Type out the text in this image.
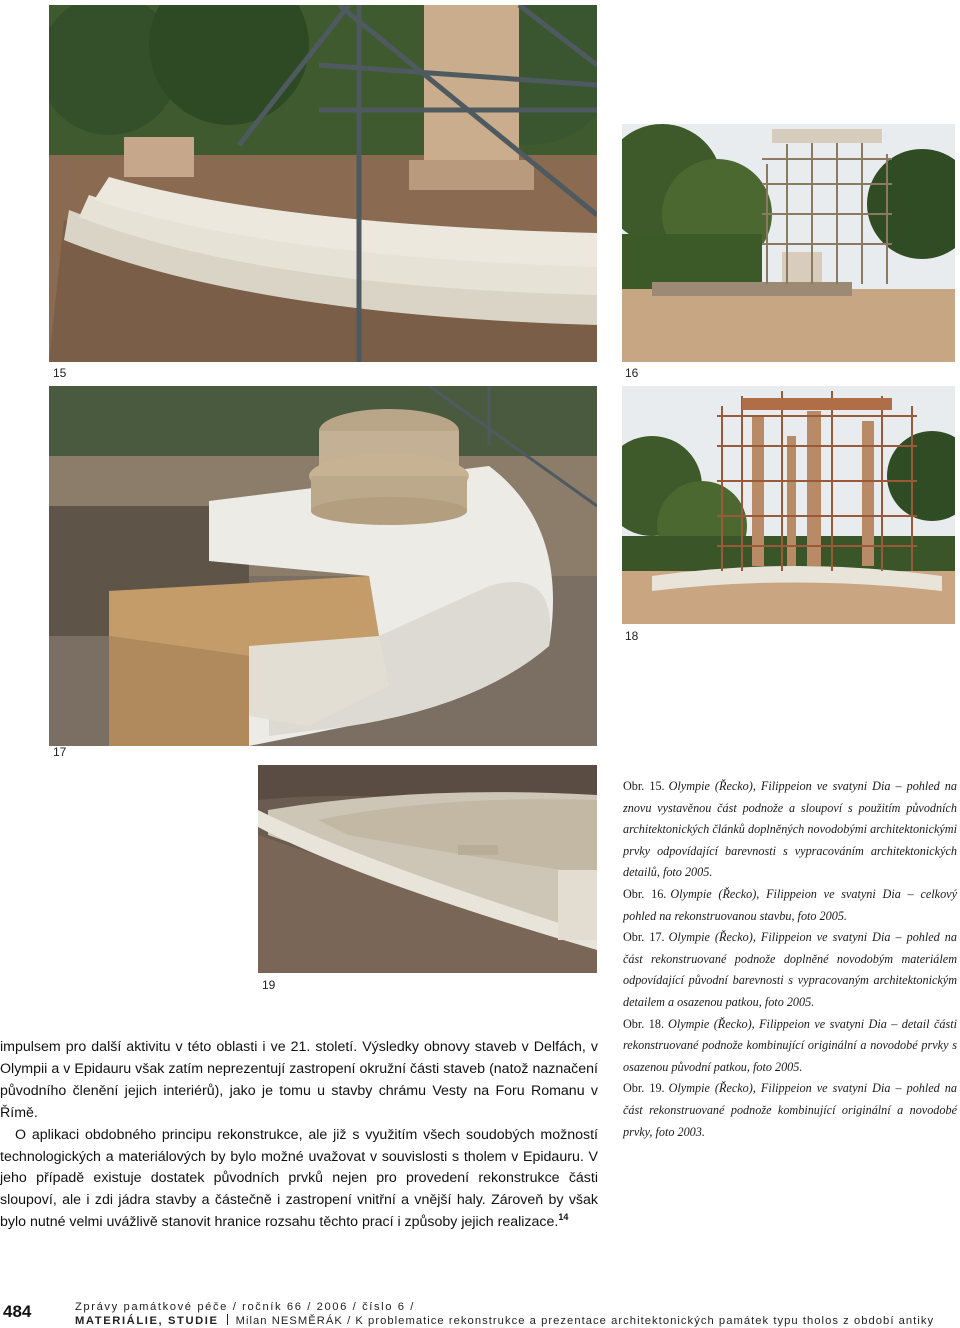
15	16
17
18
19

Obr. 15. Olympie (Řecko), Filippeion ve svatyni Dia – pohled na znovu vystavěnou část podnože a sloupoví s použitím původních architektonických článků doplněných novodobými architektonickými prvky odpovídající barevnosti s vypracováním architektonických detailů, foto 2005.

Obr. 16. Olympie (Řecko), Filippeion ve svatyni Dia – celkový pohled na rekonstruovanou stavbu, foto 2005.

Obr. 17. Olympie (Řecko), Filippeion ve svatyni Dia – pohled na část rekonstruované podnože doplněné novodobým materiálem odpovídající původní barevnosti s vypracovaným architektonickým detailem a osazenou patkou, foto 2005.

Obr. 18. Olympie (Řecko), Filippeion ve svatyni Dia – detail části rekonstruované podnože kombinující originální a novodobé prvky s osazenou původní patkou, foto 2005.

Obr. 19. Olympie (Řecko), Filippeion ve svatyni Dia – pohled na část rekonstruované podnože kombinující originální a novodobé prvky, foto 2003.

impulsem pro další aktivitu v této oblasti i ve 21. století. Výsledky obnovy staveb v Delfách, v Olympii a v Epidauru však zatím neprezentují zastropení okružní části staveb (natož naznačení původního členění jejich interiérů), jako je tomu u stavby chrámu Vesty na Foru Romanu v Římě.

O aplikaci obdobného principu rekonstrukce, ale již s využitím všech soudobých možností technologických a materiálových by bylo možné uvažovat v souvislosti s tholem v Epidauru. V jeho případě existuje dostatek původních prvků nejen pro provedení rekonstrukce části sloupoví, ale i zdi jádra stavby a částečně i zastropení vnitřní a vnější haly. Zároveň by však bylo nutné velmi uvážlivě stanovit hranice rozsahu těchto prací i způsoby jejich realizace.$^{14}$

484	Zprávy památkové péče / ročník 66 / 2006 / číslo 6 /
MATERIÁLIE, STUDIE Milan NESMĚRÁK / K problematice rekonstrukce a prezentace architektonických památek typu tholos z období antiky
